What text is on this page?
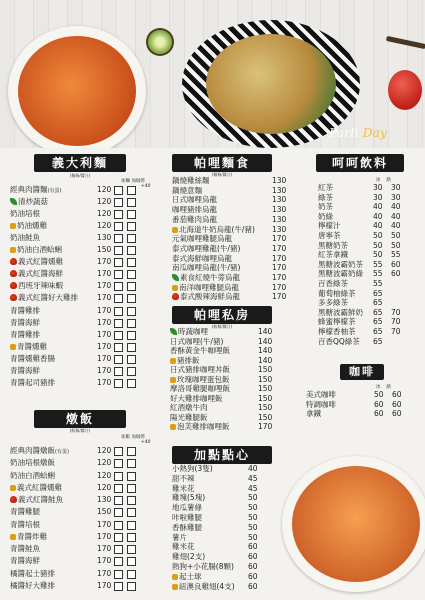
Parli Day
義大利麵
(麵條/醬汁)
加麵 加焗烤
+40
經典肉醬麵(有蛋)	120
清炒蔬菇	120
奶油培根	120
奶油燻雞	120
奶油鮭魚	130
奶油白酒蛤蜊	150
義式紅醬燻雞	170
義式紅醬海鮮	170
西班牙辣味蝦	170
義式紅醬好大雞排	170
青醬雞排	170
青醬海鮮	170
青醬雞排	170
青醬燻雞	170
青醬燻雞香腸	170
青醬海鮮	170
青醬起司豬排	170
燉飯
(飯類/醬汁)
加飯 加焗烤
+40
經典肉醬燉飯(有蛋)	120
奶油培根燉飯	120
奶油白酒蛤蜊	120
義式紅醬燻雞	120
義式紅醬鮭魚	130
青醬雞腿	150
青醬培根	170
青醬炸雞	170
青醬鮭魚	170
青醬海鮮	170
橘醬起士豬排	170
橘醬好大雞排	170
帕哩麵食
(麵條/醬汁)
鍋燒雞絲麵	130
鍋燒意麵	130
日式咖哩烏龍	130
咖哩豬排烏龍	130
番茄雞肉烏龍	130
北海道牛奶烏龍(牛/豬) 130
元氣咖哩雞腿烏龍	170
泰式咖哩雞龍(牛/豬)	170
泰式海鮮咖哩烏龍	170
南瓜咖哩烏龍(牛/豬)	170
素食紅燒牛蒡烏龍	170
南洋咖哩雞腿烏龍	170
泰式酸辣海鮮烏龍	170
帕哩私房
(飯類/醬汁)
時蔬咖哩	140
日式咖哩(牛/豬)	140
香酥黃金牛咖哩飯	140
豬排飯	140
日式豬排咖哩丼飯	150
玫瑰咖哩蛋包飯	150
摩洛哥雞腿咖哩飯	150
好大雞排咖哩飯	150
紅酒燉牛肉	150
陽光雞腿飯	150
泡芙雞排咖哩飯	170
加點點心
小熱狗(3隻)	40
甜不辣	45
雞米花	45
雞塊(5塊)	50
地瓜薯條	50
咔啦雞腿	50
香酥雞腿	50
薯片	50
雞米花	60
雞翅(2支)	60
熱狗+小花腸(8顆) 60
起士球	60
紐澳良雞翅(4支) 60
呵呵飲料
冰 熱
紅茶	30 30
綠茶	30 30
奶茶	40 40
奶綠	40 40
檸檬汁	40 40
唐寧茶	50 50
黑糖奶茶	50 50
紅茶拿鐵	50 55
黑糖波霸奶茶 55 60
黑糖波霸奶綠 55 60
百香綠茶	55
葡萄柚綠茶 65
多多綠茶	65
黑糖波霸鮮奶 65 70
蜂蜜檸檬茶 65 70
檸檬香柚茶 65 70
百香QQ綠茶 65
咖啡
冰 熱
美式咖啡	50 60
特調咖啡	60 60
拿鐵	60 60
